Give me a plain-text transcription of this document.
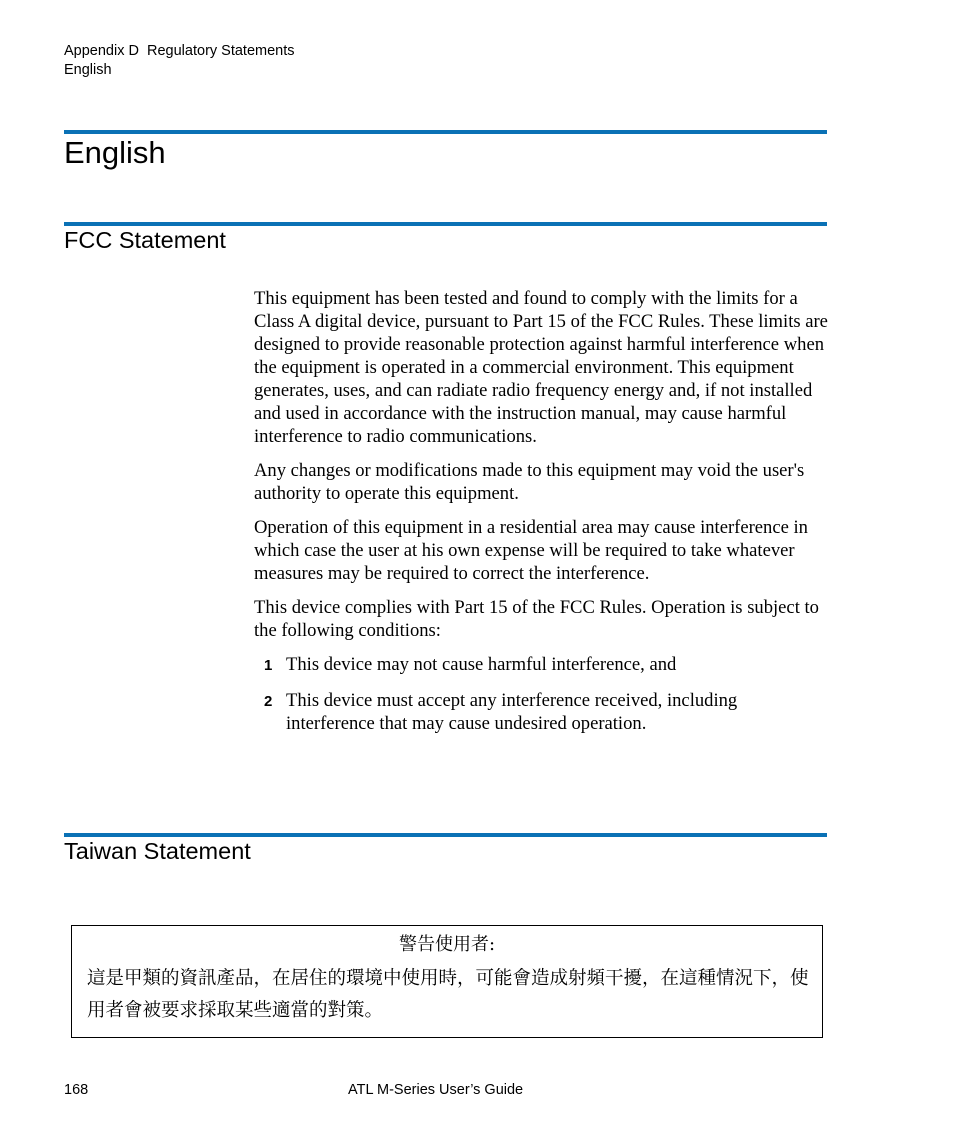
Appendix D  Regulatory Statements
English
English
FCC Statement

This equipment has been tested and found to comply with the limits for a Class A digital device, pursuant to Part 15 of the FCC Rules. These limits are designed to provide reasonable protection against harmful interference when the equipment is operated in a commercial environment. This equipment generates, uses, and can radiate radio frequency energy and, if not installed and used in accordance with the instruction manual, may cause harmful interference to radio communications.

Any changes or modifications made to this equipment may void the user's authority to operate this equipment.

Operation of this equipment in a residential area may cause interference in which case the user at his own expense will be required to take whatever measures may be required to correct the interference.

This device complies with Part 15 of the FCC Rules. Operation is subject to the following conditions:

1 This device may not cause harmful interference, and
2 This device must accept any interference received, including interference that may cause undesired operation.
Taiwan Statement
警告使用者:
這是甲類的資訊產品，在居住的環境中使用時，可能會造成射頻干擾，在這種情況下，使用者會被要求採取某些適當的對策。
168	ATL M-Series User’s Guide
